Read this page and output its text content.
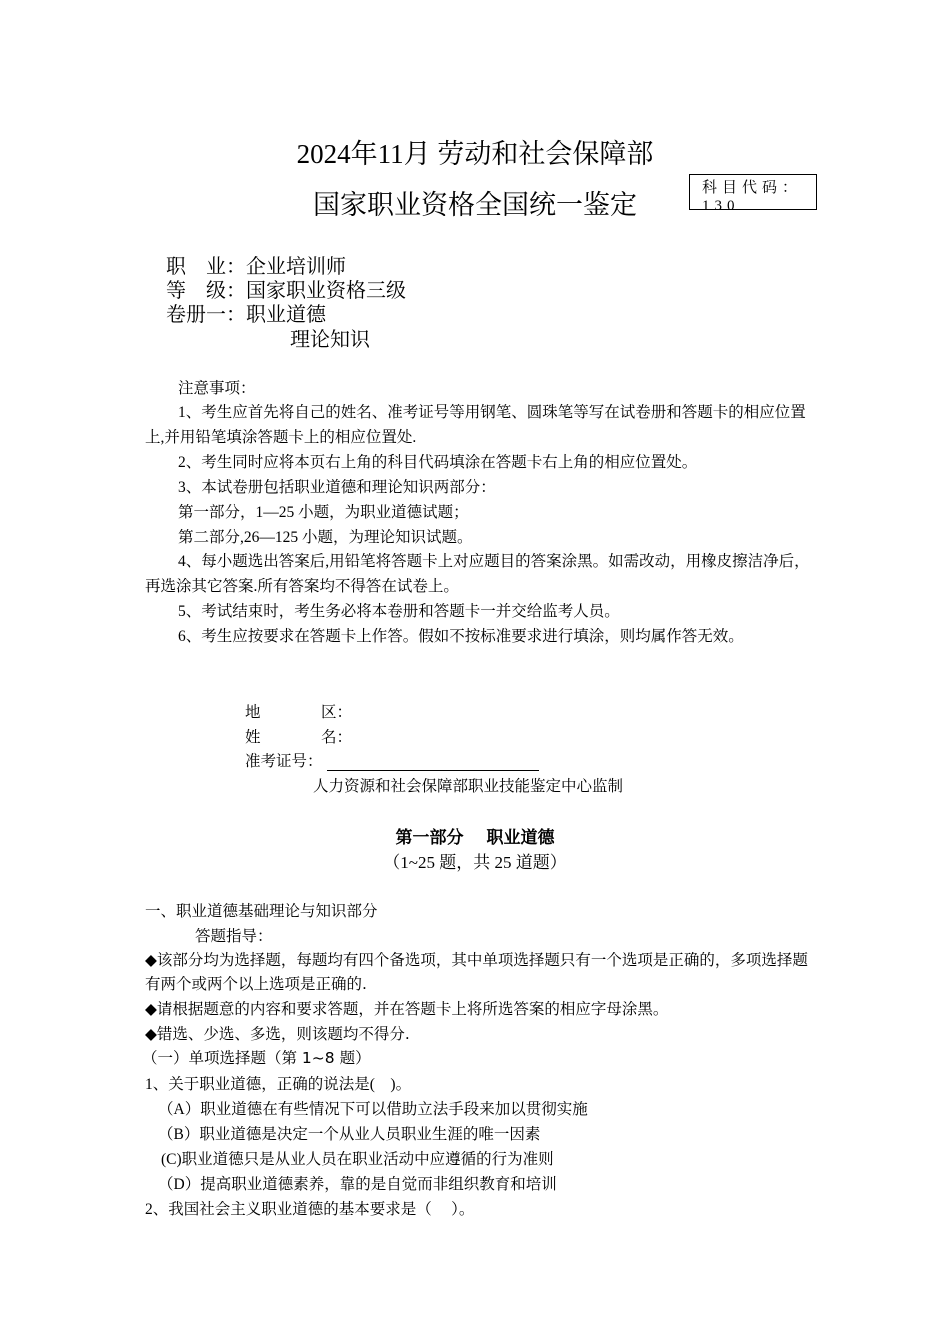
2024年11月 劳动和社会保障部
国家职业资格全国统一鉴定
科目代码：
130
职　业：企业培训师
等　级：国家职业资格三级
卷册一：职业道德
理论知识
注意事项：
1、考生应首先将自己的姓名、准考证号等用钢笔、圆珠笔等写在试卷册和答题卡的相应位置上,并用铅笔填涂答题卡上的相应位置处.
2、考生同时应将本页右上角的科目代码填涂在答题卡右上角的相应位置处。
3、本试卷册包括职业道德和理论知识两部分：
第一部分，1—25 小题，为职业道德试题；
第二部分,26—125 小题，为理论知识试题。
4、每小题选出答案后,用铅笔将答题卡上对应题目的答案涂黑。如需改动，用橡皮擦洁净后，再选涂其它答案.所有答案均不得答在试卷上。
5、考试结束时，考生务必将本卷册和答题卡一并交给监考人员。
6、考生应按要求在答题卡上作答。假如不按标准要求进行填涂，则均属作答无效。
地	区：
姓	名：
准考证号：
人力资源和社会保障部职业技能鉴定中心监制
第一部分　 职业道德
（1~25 题，共 25 道题）
一、职业道德基础理论与知识部分
答题指导：
◆该部分均为选择题，每题均有四个备选项，其中单项选择题只有一个选项是正确的，多项选择题有两个或两个以上选项是正确的.
◆请根据题意的内容和要求答题，并在答题卡上将所选答案的相应字母涂黑。
◆错选、少选、多选，则该题均不得分.
（一）单项选择题（第 1~8 题）
1、关于职业道德，正确的说法是(　)。
（A）职业道德在有些情况下可以借助立法手段来加以贯彻实施
（B）职业道德是决定一个从业人员职业生涯的唯一因素
(C)职业道德只是从业人员在职业活动中应遵循的行为准则
（D）提高职业道德素养，靠的是自觉而非组织教育和培训
2、我国社会主义职业道德的基本要求是（　 ）。
